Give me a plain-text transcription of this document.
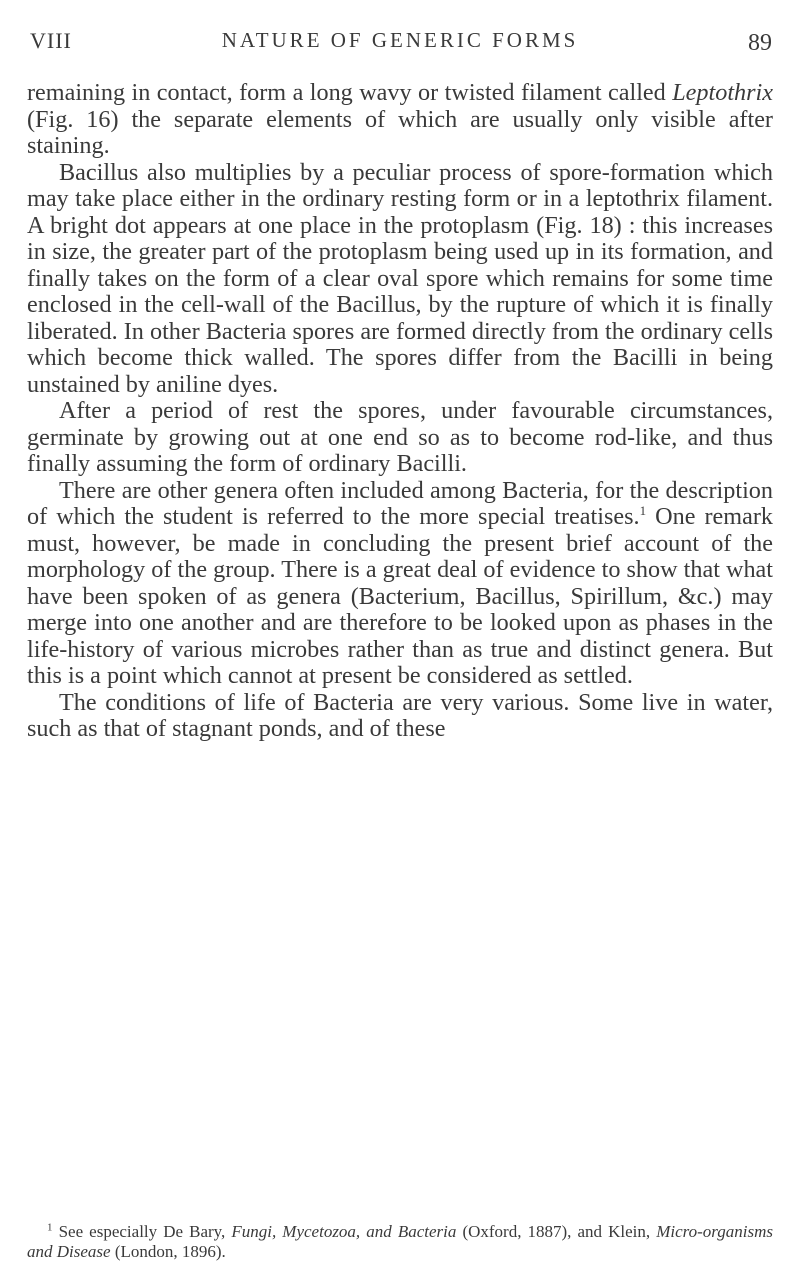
VIII	NATURE OF GENERIC FORMS	89

remaining in contact, form a long wavy or twisted filament called Leptothrix (Fig. 16) the separate elements of which are usually only visible after staining.

Bacillus also multiplies by a peculiar process of spore-formation which may take place either in the ordinary resting form or in a leptothrix filament. A bright dot appears at one place in the protoplasm (Fig. 18) : this increases in size, the greater part of the protoplasm being used up in its formation, and finally takes on the form of a clear oval spore which remains for some time enclosed in the cell-wall of the Bacillus, by the rupture of which it is finally liberated. In other Bacteria spores are formed directly from the ordinary cells which become thick walled. The spores differ from the Bacilli in being unstained by aniline dyes.

After a period of rest the spores, under favourable circumstances, germinate by growing out at one end so as to become rod-like, and thus finally assuming the form of ordinary Bacilli.

There are other genera often included among Bacteria, for the description of which the student is referred to the more special treatises.$^1$ One remark must, however, be made in concluding the present brief account of the morphology of the group. There is a great deal of evidence to show that what have been spoken of as genera (Bacterium, Bacillus, Spirillum, &c.) may merge into one another and are therefore to be looked upon as phases in the life-history of various microbes rather than as true and distinct genera. But this is a point which cannot at present be considered as settled.

The conditions of life of Bacteria are very various. Some live in water, such as that of stagnant ponds, and of these

$^1$ See especially De Bary, Fungi, Mycetozoa, and Bacteria (Oxford, 1887), and Klein, Micro-organisms and Disease (London, 1896).
